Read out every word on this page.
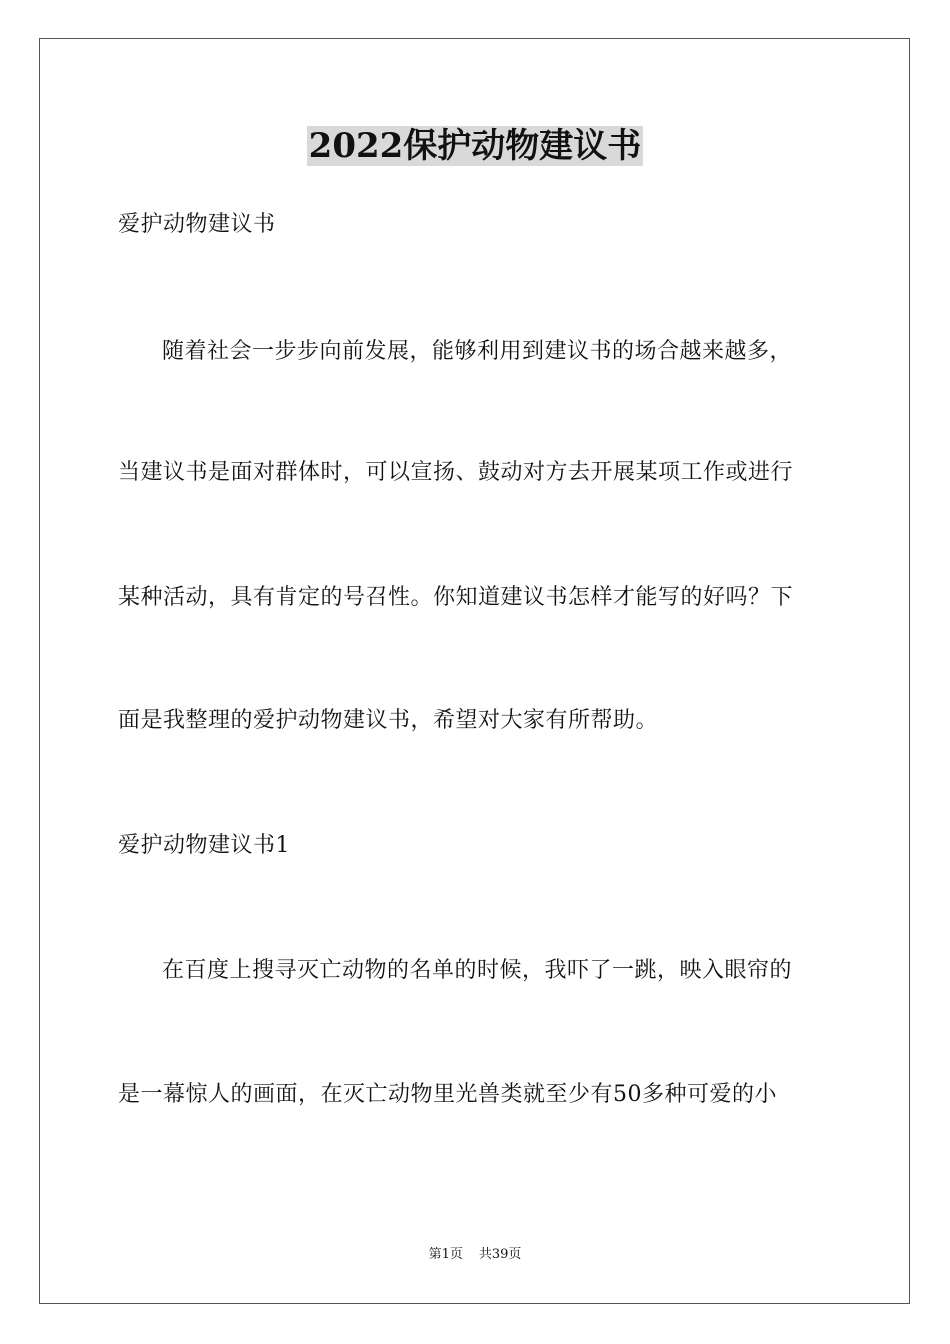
2022保护动物建议书
爱护动物建议书
随着社会一步步向前发展，能够利用到建议书的场合越来越多，
当建议书是面对群体时，可以宣扬、鼓动对方去开展某项工作或进行
某种活动，具有肯定的号召性。你知道建议书怎样才能写的好吗？下
面是我整理的爱护动物建议书，希望对大家有所帮助。
爱护动物建议书1
在百度上搜寻灭亡动物的名单的时候，我吓了一跳，映入眼帘的
是一幕惊人的画面，在灭亡动物里光兽类就至少有50多种可爱的小
第1页 共39页
